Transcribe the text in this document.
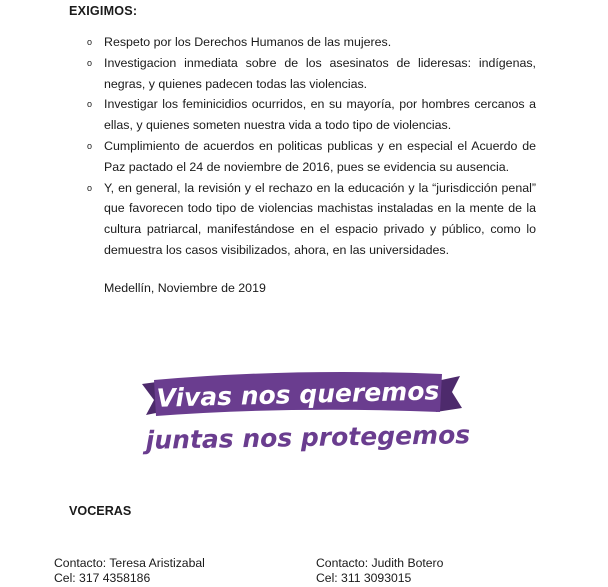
EXIGIMOS:
o Respeto por los Derechos Humanos de las mujeres.
o Investigacion inmediata sobre de los asesinatos de lideresas: indígenas, negras, y quienes padecen todas las violencias.
o Investigar los feminicidios ocurridos, en su mayoría, por hombres cercanos a ellas, y quienes someten nuestra vida a todo tipo de violencias.
o Cumplimiento de acuerdos en politicas publicas y en especial el Acuerdo de Paz pactado el 24 de noviembre de 2016, pues se evidencia su ausencia.
o Y, en general, la revisión y el rechazo en la educación y la “jurisdicción penal” que favorecen todo tipo de violencias machistas instaladas en la mente de la cultura patriarcal, manifestándose en el espacio privado y público, como lo demuestra los casos visibilizados, ahora, en las universidades.
Medellín, Noviembre de 2019
Vivas nos queremos
juntas nos protegemos
VOCERAS
Contacto: Teresa Aristizabal
Cel: 317 4358186
Contacto: Judith Botero
Cel: 311 3093015
